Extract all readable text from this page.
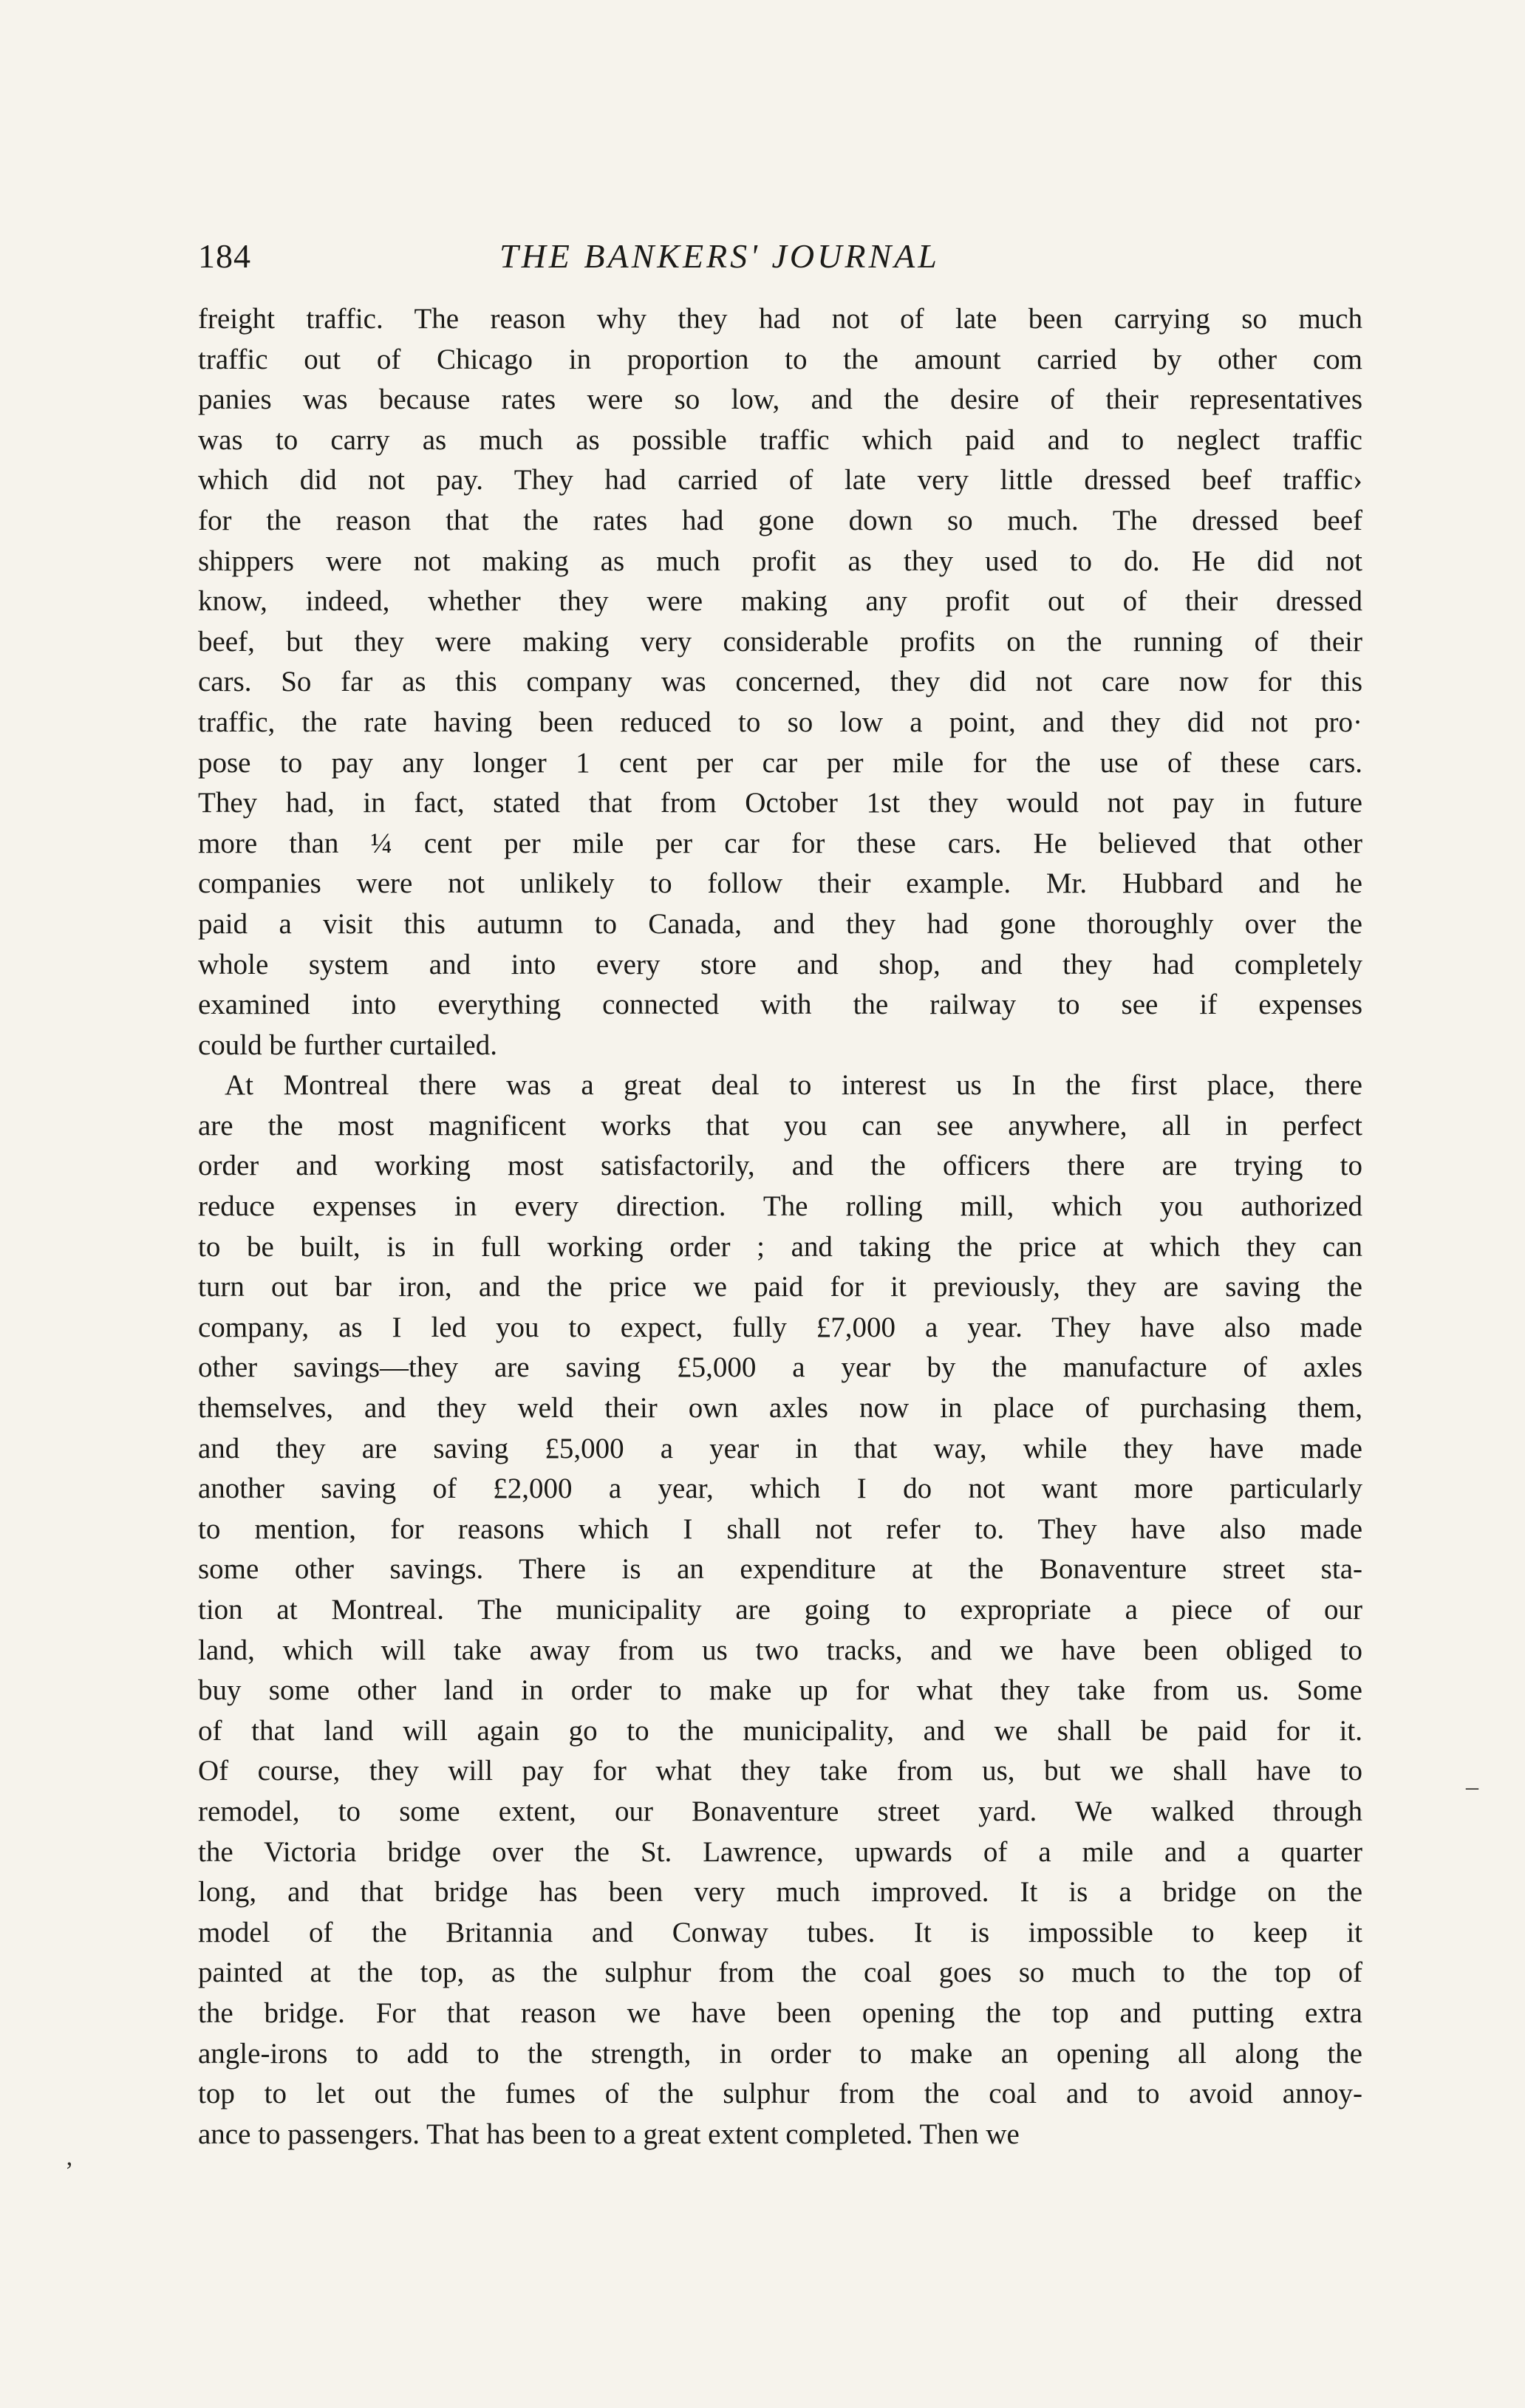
184	THE BANKERS' JOURNAL
freight traffic. The reason why they had not of late been carrying so much
traffic out of Chicago in proportion to the amount carried by other com
panies was because rates were so low, and the desire of their representatives
was to carry as much as possible traffic which paid and to neglect traffic
which did not pay. They had carried of late very little dressed beef traffic›
for the reason that the rates had gone down so much. The dressed beef
shippers were not making as much profit as they used to do. He did not
know, indeed, whether they were making any profit out of their dressed
beef, but they were making very considerable profits on the running of their
cars. So far as this company was concerned, they did not care now for this
traffic, the rate having been reduced to so low a point, and they did not pro·
pose to pay any longer 1 cent per car per mile for the use of these cars.
They had, in fact, stated that from October 1st they would not pay in future
more than ¼ cent per mile per car for these cars. He believed that other
companies were not unlikely to follow their example. Mr. Hubbard and he
paid a visit this autumn to Canada, and they had gone thoroughly over the
whole system and into every store and shop, and they had completely
examined into everything connected with the railway to see if expenses
could be further curtailed.
At Montreal there was a great deal to interest us In the first place, there
are the most magnificent works that you can see anywhere, all in perfect
order and working most satisfactorily, and the officers there are trying to
reduce expenses in every direction. The rolling mill, which you authorized
to be built, is in full working order ; and taking the price at which they can
turn out bar iron, and the price we paid for it previously, they are saving the
company, as I led you to expect, fully £7,000 a year. They have also made
other savings—they are saving £5,000 a year by the manufacture of axles
themselves, and they weld their own axles now in place of purchasing them,
and they are saving £5,000 a year in that way, while they have made
another saving of £2,000 a year, which I do not want more particularly
to mention, for reasons which I shall not refer to. They have also made
some other savings. There is an expenditure at the Bonaventure street sta-
tion at Montreal. The municipality are going to expropriate a piece of our
land, which will take away from us two tracks, and we have been obliged to
buy some other land in order to make up for what they take from us. Some
of that land will again go to the municipality, and we shall be paid for it.
Of course, they will pay for what they take from us, but we shall have to
remodel, to some extent, our Bonaventure street yard. We walked through
the Victoria bridge over the St. Lawrence, upwards of a mile and a quarter
long, and that bridge has been very much improved. It is a bridge on the
model of the Britannia and Conway tubes. It is impossible to keep it
painted at the top, as the sulphur from the coal goes so much to the top of
the bridge. For that reason we have been opening the top and putting extra
angle-irons to add to the strength, in order to make an opening all along the
top to let out the fumes of the sulphur from the coal and to avoid annoy-
ance to passengers. That has been to a great extent completed. Then we
–
ʼ
